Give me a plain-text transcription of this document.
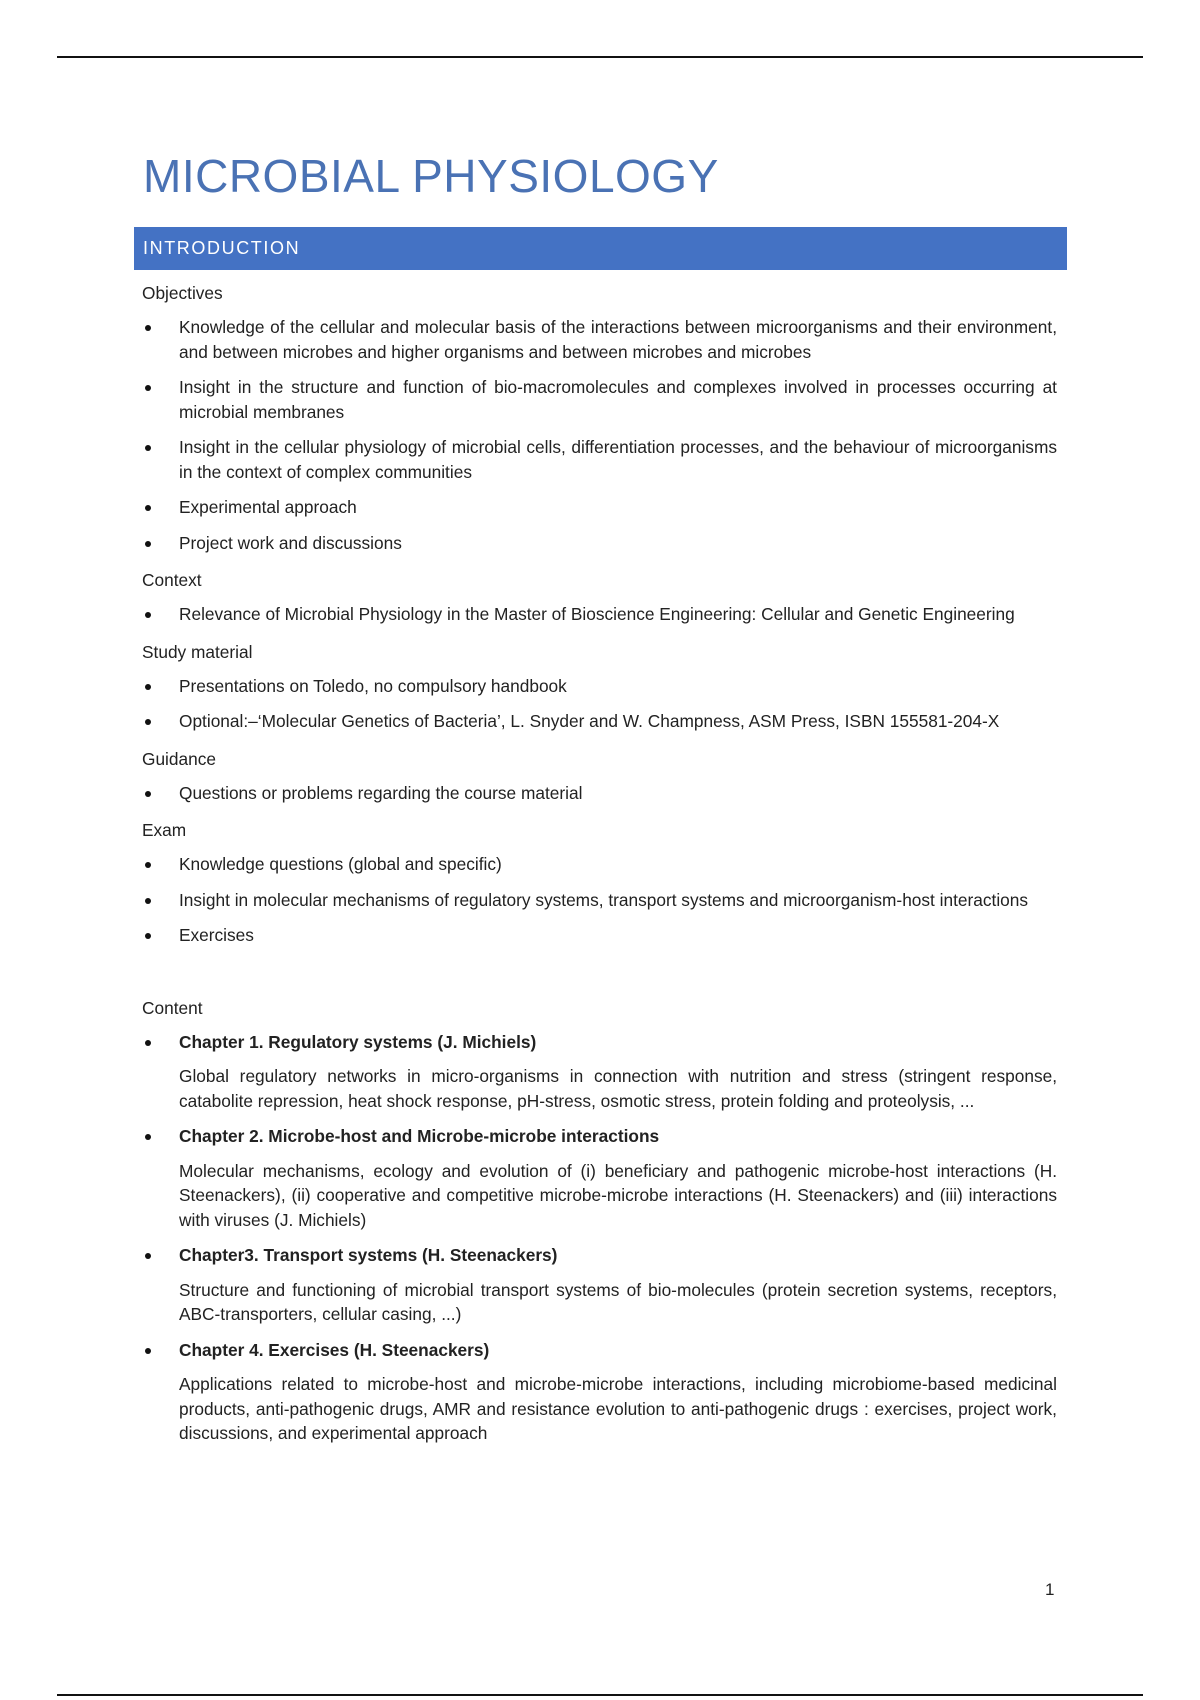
MICROBIAL PHYSIOLOGY
INTRODUCTION
Objectives
Knowledge of the cellular and molecular basis of the interactions between microorganisms and their environment, and between microbes and higher organisms and between microbes and microbes
Insight in the structure and function of bio-macromolecules and complexes involved in processes occurring at microbial membranes
Insight in the cellular physiology of microbial cells, differentiation processes, and the behaviour of microorganisms in the context of complex communities
Experimental approach
Project work and discussions
Context
Relevance of Microbial Physiology in the Master of Bioscience Engineering: Cellular and Genetic Engineering
Study material
Presentations on Toledo, no compulsory handbook
Optional:–‘Molecular Genetics of Bacteria’, L. Snyder and W. Champness, ASM Press, ISBN 155581-204-X
Guidance
Questions or problems regarding the course material
Exam
Knowledge questions (global and specific)
Insight in molecular mechanisms of regulatory systems, transport systems and microorganism-host interactions
Exercises
Content
Chapter 1. Regulatory systems (J. Michiels)
Global regulatory networks in micro-organisms in connection with nutrition and stress (stringent response, catabolite repression, heat shock response, pH-stress, osmotic stress, protein folding and proteolysis, ...
Chapter 2. Microbe-host and Microbe-microbe interactions
Molecular mechanisms, ecology and evolution of (i) beneficiary and pathogenic microbe-host interactions (H. Steenackers), (ii) cooperative and competitive microbe-microbe interactions (H. Steenackers) and (iii) interactions with viruses (J. Michiels)
Chapter3. Transport systems (H. Steenackers)
Structure and functioning of microbial transport systems of bio-molecules (protein secretion systems, receptors, ABC-transporters, cellular casing, ...)
Chapter 4. Exercises (H. Steenackers)
Applications related to microbe-host and microbe-microbe interactions, including microbiome-based medicinal products, anti-pathogenic drugs, AMR and resistance evolution to anti-pathogenic drugs : exercises, project work, discussions, and experimental approach
1
